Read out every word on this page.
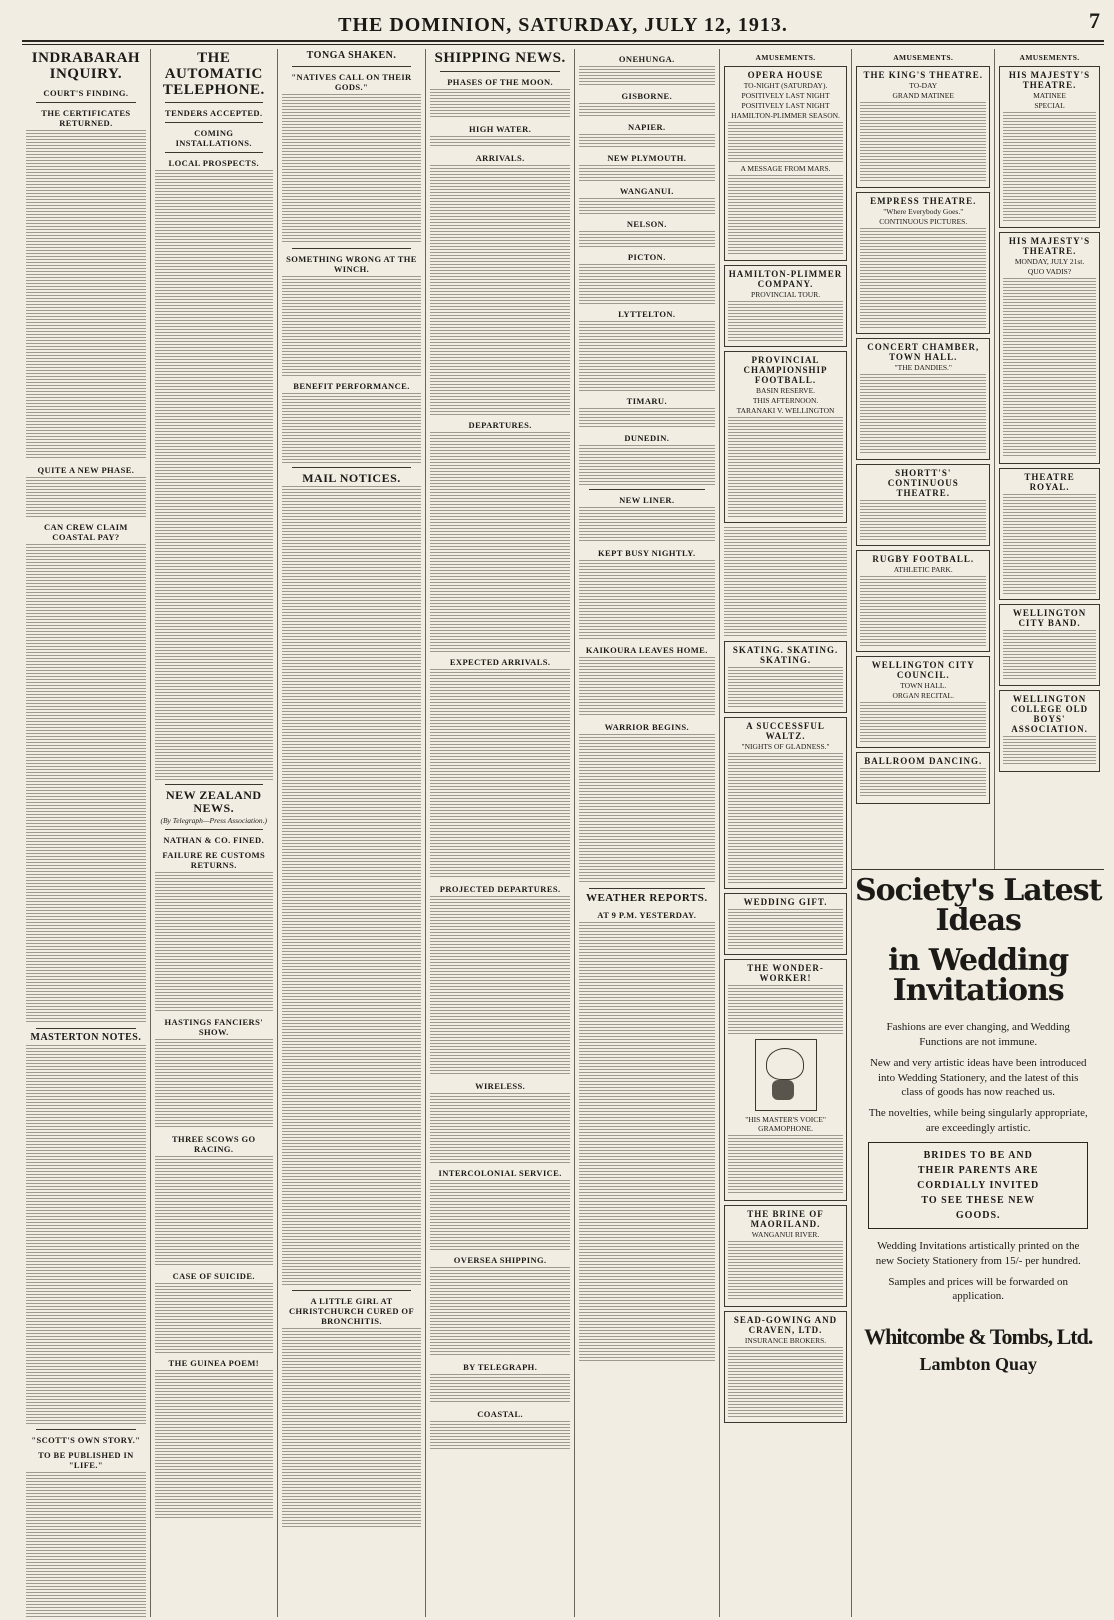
THE DOMINION, SATURDAY, JULY 12, 1913.	7
INDRABARAH INQUIRY.
COURT'S FINDING.
THE CERTIFICATES RETURNED.
QUITE A NEW PHASE.
CAN CREW CLAIM COASTAL PAY?
MASTERTON NOTES.
"SCOTT'S OWN STORY."
TO BE PUBLISHED IN "LIFE."
THE AUTOMATIC TELEPHONE.
TENDERS ACCEPTED.
COMING INSTALLATIONS.
LOCAL PROSPECTS.
NEW ZEALAND NEWS.
(By Telegraph—Press Association.)
NATHAN & CO. FINED.
FAILURE RE CUSTOMS RETURNS.
HASTINGS FANCIERS' SHOW.
THREE SCOWS GO RACING.
CASE OF SUICIDE.
THE GUINEA POEM!
TONGA SHAKEN.
"NATIVES CALL ON THEIR GODS."
SOMETHING WRONG AT THE WINCH.
BENEFIT PERFORMANCE.
MAIL NOTICES.
A LITTLE GIRL AT CHRISTCHURCH CURED OF BRONCHITIS.
SHIPPING NEWS.
PHASES OF THE MOON.
HIGH WATER.
ARRIVALS.
DEPARTURES.
EXPECTED ARRIVALS.
PROJECTED DEPARTURES.
WIRELESS.
INTERCOLONIAL SERVICE.
OVERSEA SHIPPING.
BY TELEGRAPH.
COASTAL.
ONEHUNGA.
GISBORNE.
NAPIER.
NEW PLYMOUTH.
WANGANUI.
NELSON.
PICTON.
LYTTELTON.
TIMARU.
DUNEDIN.
NEW LINER.
KEPT BUSY NIGHTLY.
KAIKOURA LEAVES HOME.
WARRIOR BEGINS.
WEATHER REPORTS.
AT 9 P.M. YESTERDAY.
AMUSEMENTS.
OPERA HOUSE
TO-NIGHT (SATURDAY).
POSITIVELY LAST NIGHT
POSITIVELY LAST NIGHT
HAMILTON-PLIMMER SEASON.
A MESSAGE FROM MARS.
HAMILTON-PLIMMER COMPANY.
PROVINCIAL TOUR.
PROVINCIAL CHAMPIONSHIP FOOTBALL.
BASIN RESERVE.
THIS AFTERNOON.
TARANAKI V. WELLINGTON
SKATING. SKATING. SKATING.
A SUCCESSFUL WALTZ.
"NIGHTS OF GLADNESS."
WEDDING GIFT.
THE WONDER-WORKER!
"HIS MASTER'S VOICE" GRAMOPHONE.
THE BRINE OF MAORILAND.
WANGANUI RIVER.
SEAD-GOWING AND CRAVEN, LTD.
INSURANCE BROKERS.
AMUSEMENTS.
THE KING'S THEATRE.
TO-DAY
GRAND MATINEE
EMPRESS THEATRE.
"Where Everybody Goes."
CONTINUOUS PICTURES.
CONCERT CHAMBER, TOWN HALL.
"THE DANDIES."
SHORTT'S' CONTINUOUS THEATRE.
RUGBY FOOTBALL.
ATHLETIC PARK.
WELLINGTON CITY COUNCIL.
TOWN HALL.
ORGAN RECITAL.
BALLROOM DANCING.
AMUSEMENTS.
HIS MAJESTY'S THEATRE.
MATINEE
SPECIAL
HIS MAJESTY'S THEATRE.
MONDAY, JULY 21st.
QUO VADIS?
THEATRE ROYAL.
WELLINGTON CITY BAND.
WELLINGTON COLLEGE OLD BOYS' ASSOCIATION.
Society's Latest Ideas
in Wedding Invitations
Fashions are ever changing, and Wedding Functions are not immune.
New and very artistic ideas have been introduced into Wedding Stationery, and the latest of this class of goods has now reached us.
The novelties, while being singularly appropriate, are exceedingly artistic.
BRIDES TO BE AND
THEIR PARENTS ARE
CORDIALLY INVITED
TO SEE THESE NEW
GOODS.
Wedding Invitations artistically printed on the new Society Stationery from 15/- per hundred.
Samples and prices will be forwarded on application.
Whitcombe & Tombs, Ltd.
Lambton Quay
